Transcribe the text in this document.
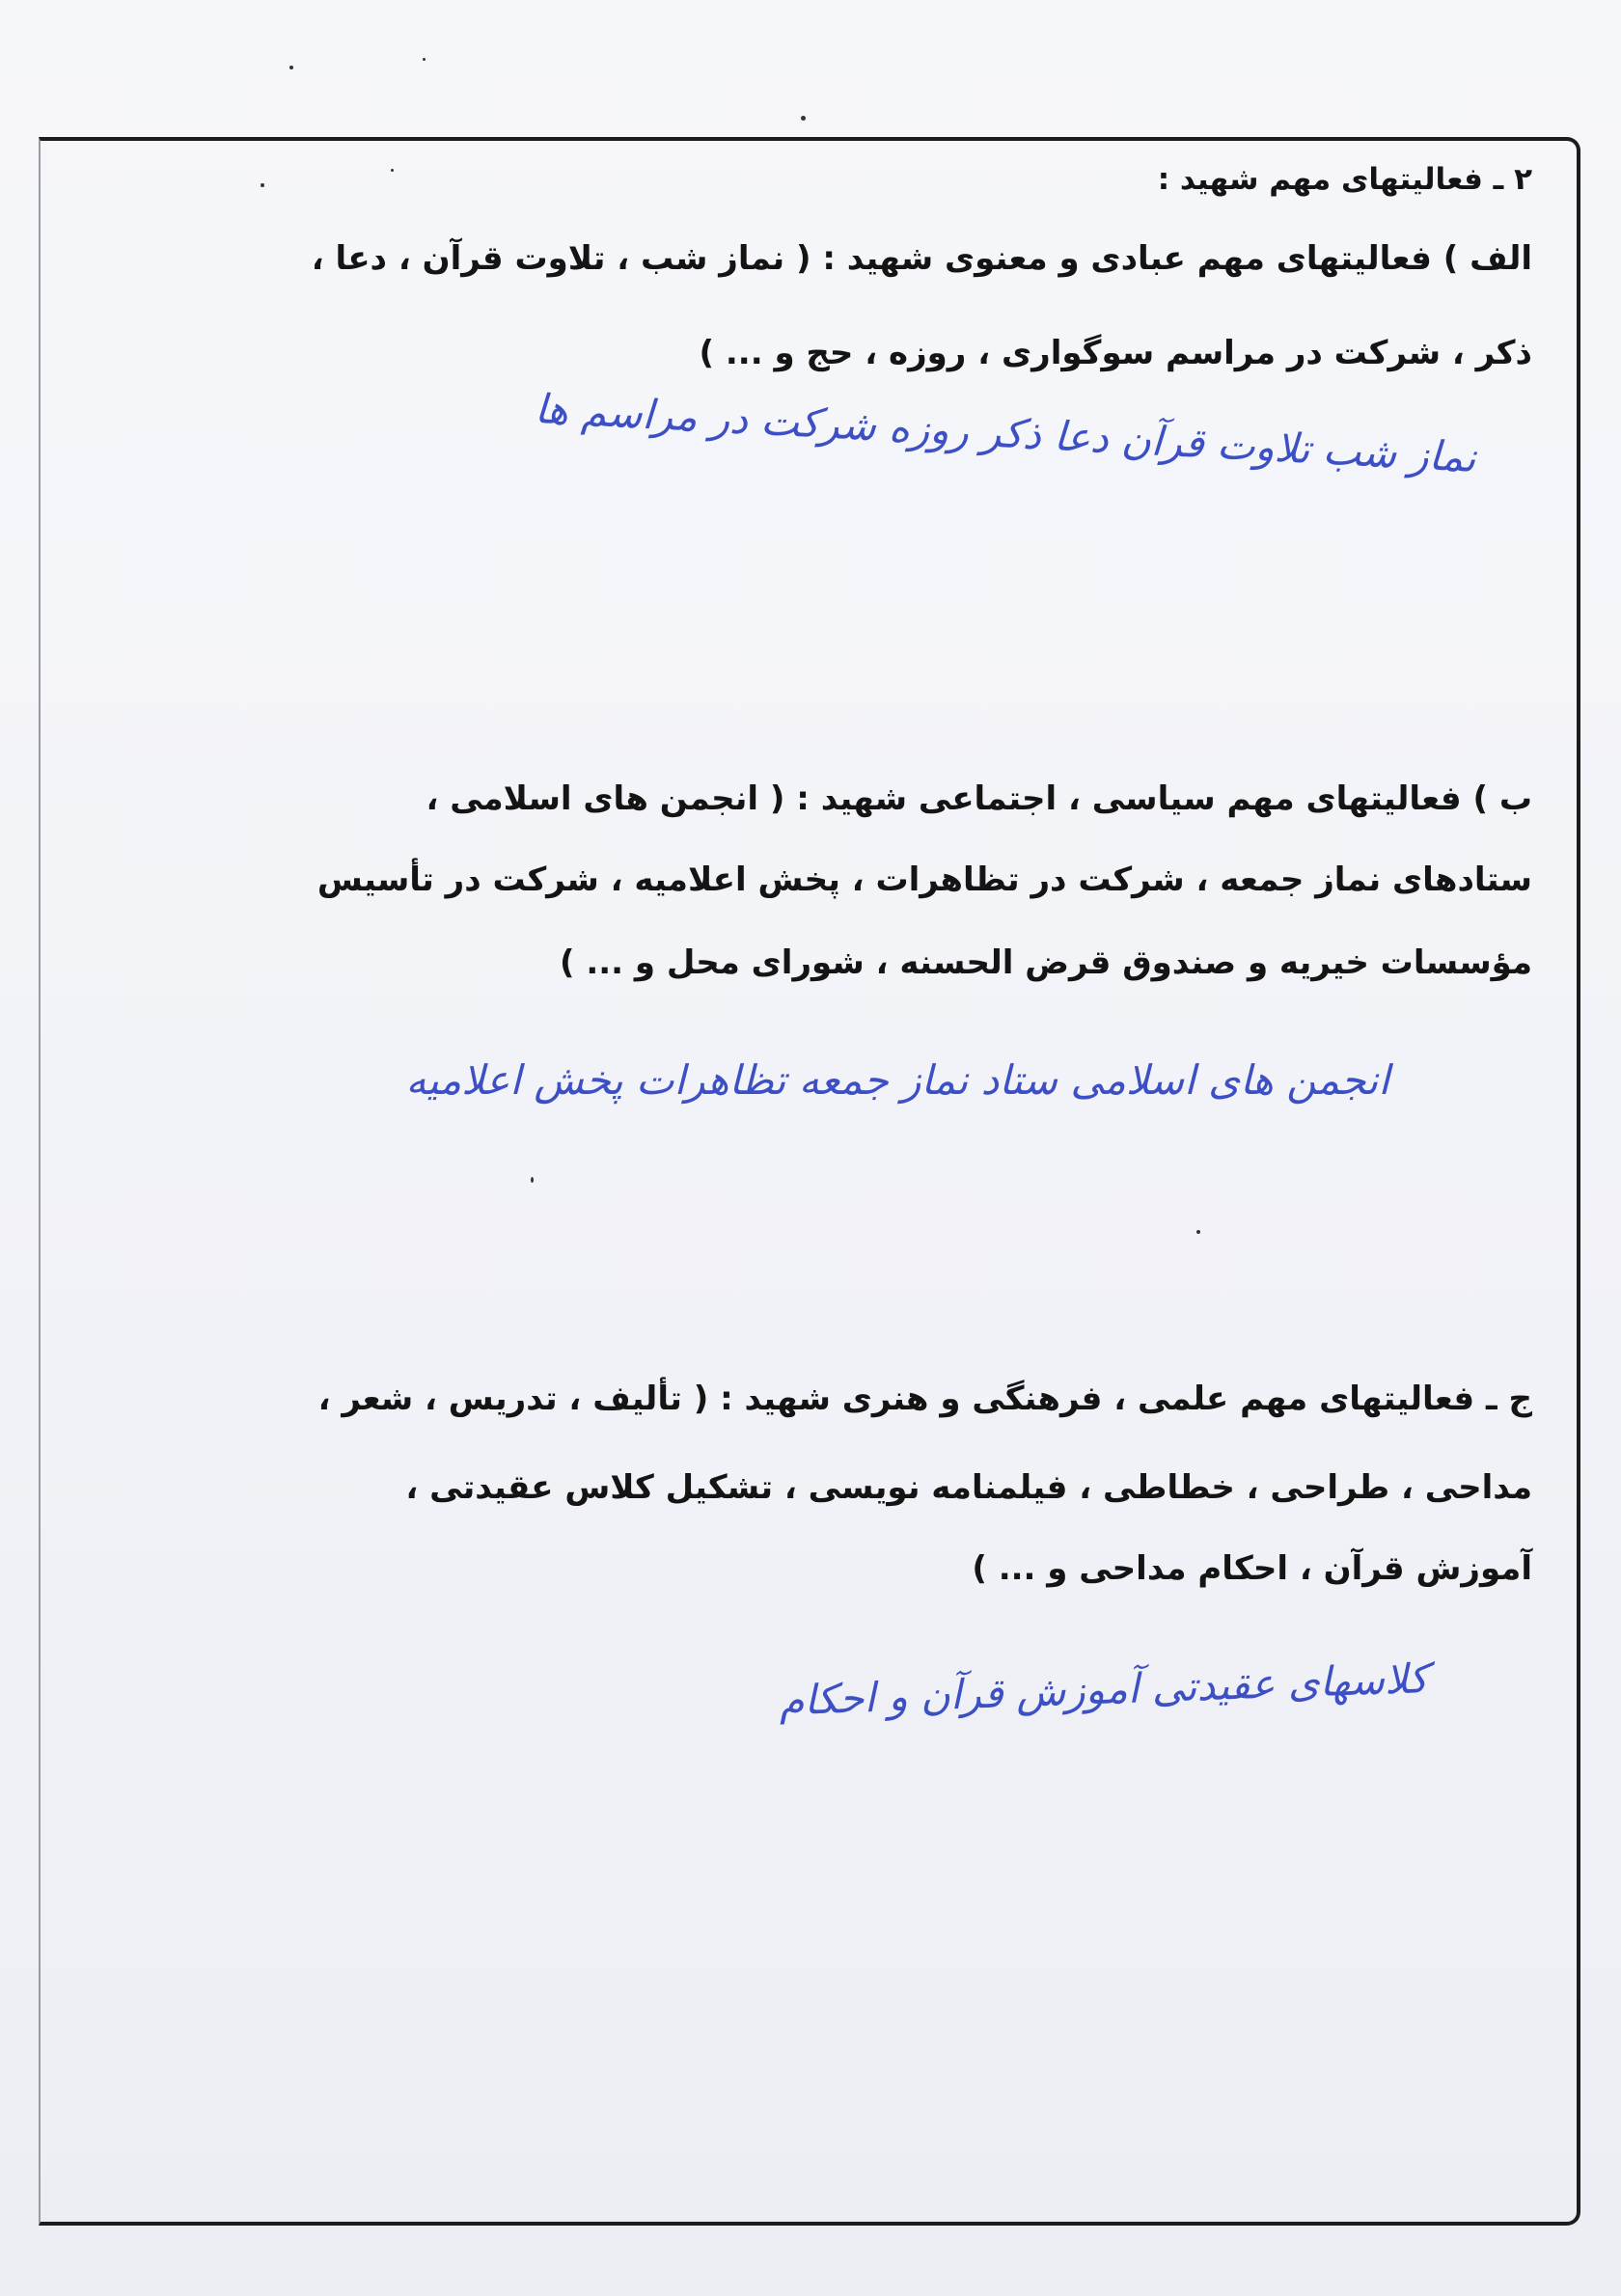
۲ ـ فعالیتهای مهم شهید :
الف ) فعالیتهای مهم عبادی و معنوی شهید : ( نماز شب ، تلاوت قرآن ، دعا ،
ذکر ، شرکت در مراسم سوگواری ، روزه ، حج و ... )
نماز شب تلاوت قرآن دعا ذکر روزه شرکت در مراسم ها
ب ) فعالیتهای مهم سیاسی ، اجتماعی شهید : ( انجمن های اسلامی ،
ستادهای نماز جمعه ، شرکت در تظاهرات ، پخش اعلامیه ، شرکت در تأسیس
مؤسسات خیریه و صندوق قرض الحسنه ، شورای محل و ... )
انجمن های اسلامی ستاد نماز جمعه تظاهرات پخش اعلامیه
ج ـ فعالیتهای مهم علمی ، فرهنگی و هنری شهید : ( تألیف ، تدریس ، شعر ،
مداحی ، طراحی ، خطاطی ، فیلمنامه نویسی ، تشکیل کلاس عقیدتی ،
آموزش قرآن ، احکام مداحی و ... )
کلاسهای عقیدتی آموزش قرآن و احکام
